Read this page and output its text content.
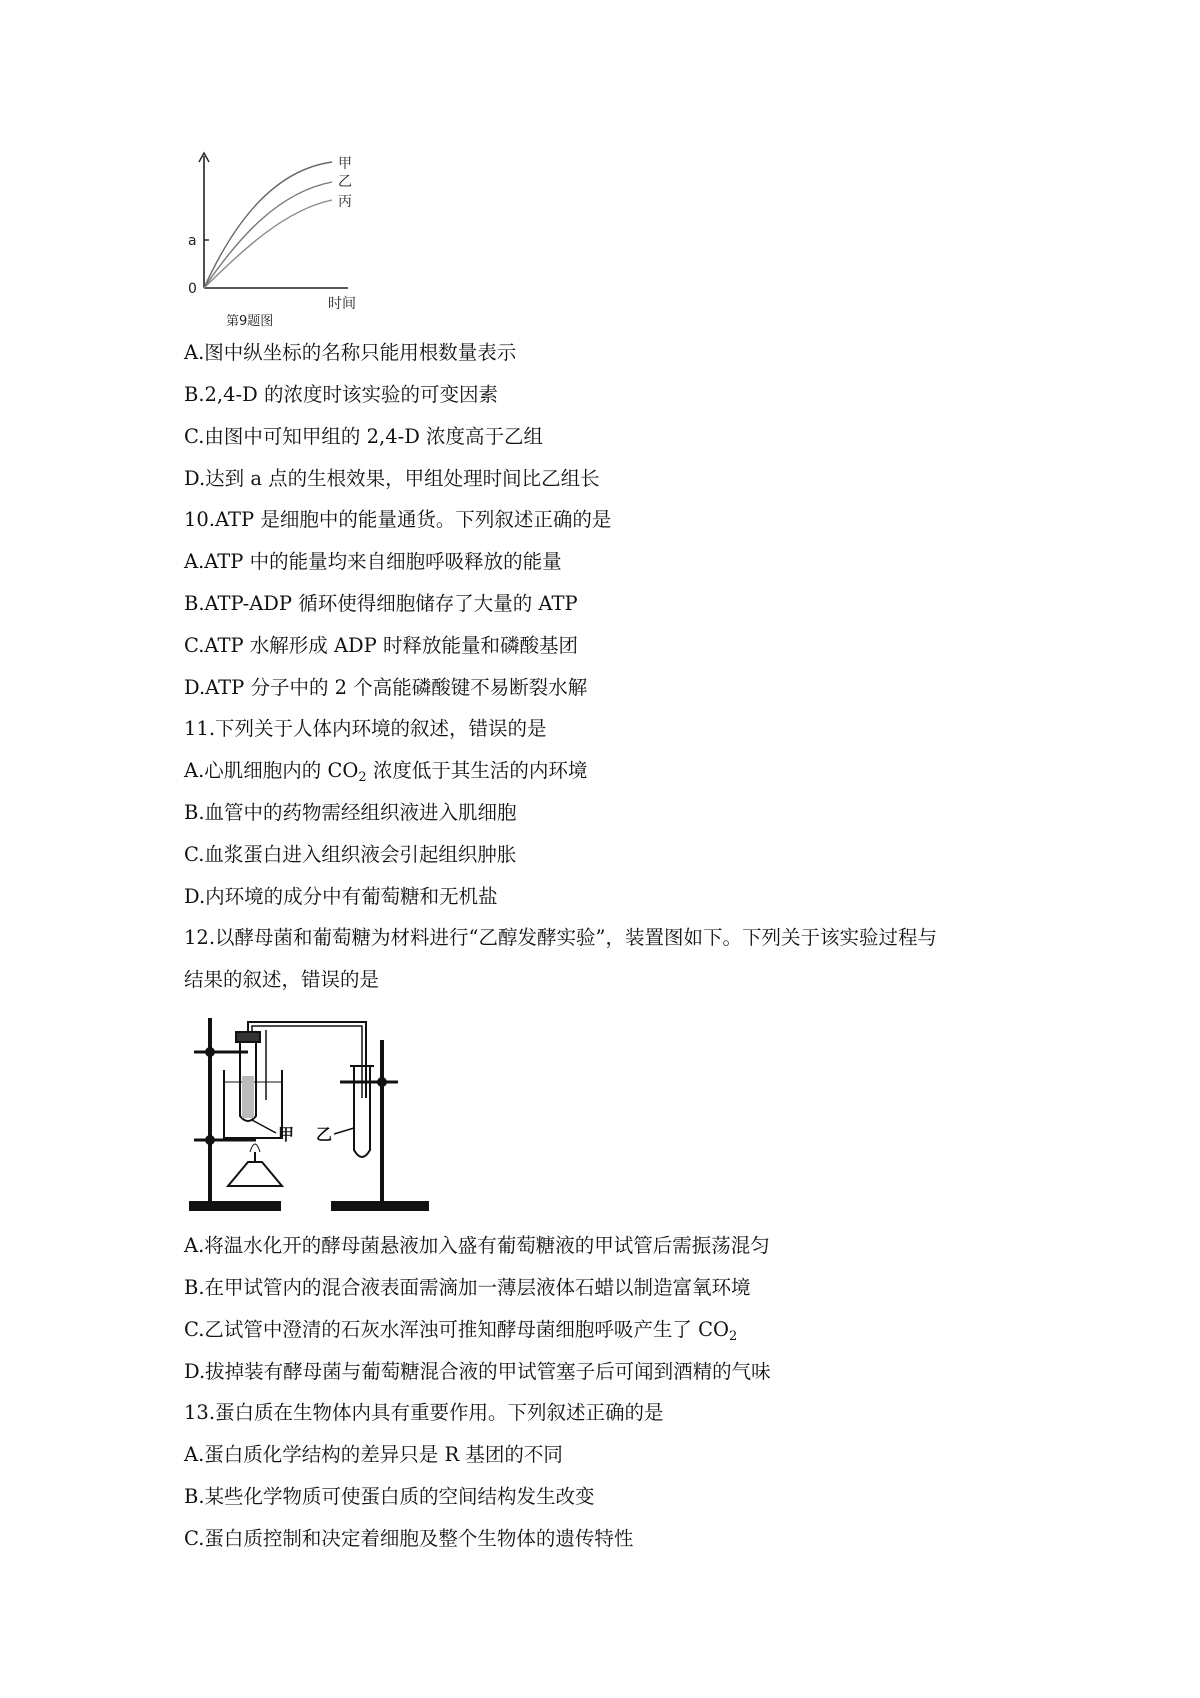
a
0
时间
甲
乙
丙
第9题图
A.图中纵坐标的名称只能用根数量表示
B.2,4-D 的浓度时该实验的可变因素
C.由图中可知甲组的 2,4-D 浓度高于乙组
D.达到 a 点的生根效果，甲组处理时间比乙组长
10.ATP 是细胞中的能量通货。下列叙述正确的是
A.ATP 中的能量均来自细胞呼吸释放的能量
B.ATP-ADP 循环使得细胞储存了大量的 ATP
C.ATP 水解形成 ADP 时释放能量和磷酸基团
D.ATP 分子中的 2 个高能磷酸键不易断裂水解
11.下列关于人体内环境的叙述，错误的是
A.心肌细胞内的 $CO_2$ 浓度低于其生活的内环境
B.血管中的药物需经组织液进入肌细胞
C.血浆蛋白进入组织液会引起组织肿胀
D.内环境的成分中有葡萄糖和无机盐
12.以酵母菌和葡萄糖为材料进行“乙醇发酵实验”，装置图如下。下列关于该实验过程与
结果的叙述，错误的是
甲 乙
A.将温水化开的酵母菌悬液加入盛有葡萄糖液的甲试管后需振荡混匀
B.在甲试管内的混合液表面需滴加一薄层液体石蜡以制造富氧环境
C.乙试管中澄清的石灰水浑浊可推知酵母菌细胞呼吸产生了 $CO_2$
D.拔掉装有酵母菌与葡萄糖混合液的甲试管塞子后可闻到酒精的气味
13.蛋白质在生物体内具有重要作用。下列叙述正确的是
A.蛋白质化学结构的差异只是 R 基团的不同
B.某些化学物质可使蛋白质的空间结构发生改变
C.蛋白质控制和决定着细胞及整个生物体的遗传特性
